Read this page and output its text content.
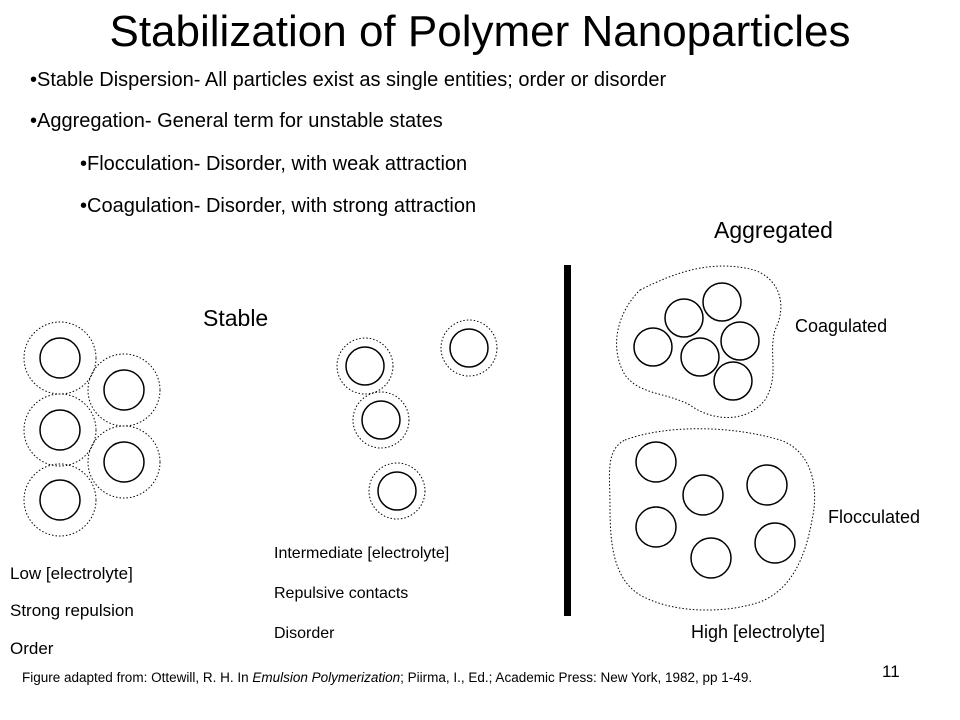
Stabilization of Polymer Nanoparticles
•Stable Dispersion- All particles exist as single entities; order or disorder
•Aggregation- General term for unstable states
•Flocculation- Disorder, with weak attraction
•Coagulation- Disorder, with strong attraction
Aggregated
Stable	Coagulated
Flocculated
High [electrolyte]
Low [electrolyte]
Strong repulsion
Order
Intermediate [electrolyte]
Repulsive contacts
Disorder
Figure adapted from: Ottewill, R. H. In Emulsion Polymerization; Piirma, I., Ed.; Academic Press: New York, 1982, pp 1-49.	11
